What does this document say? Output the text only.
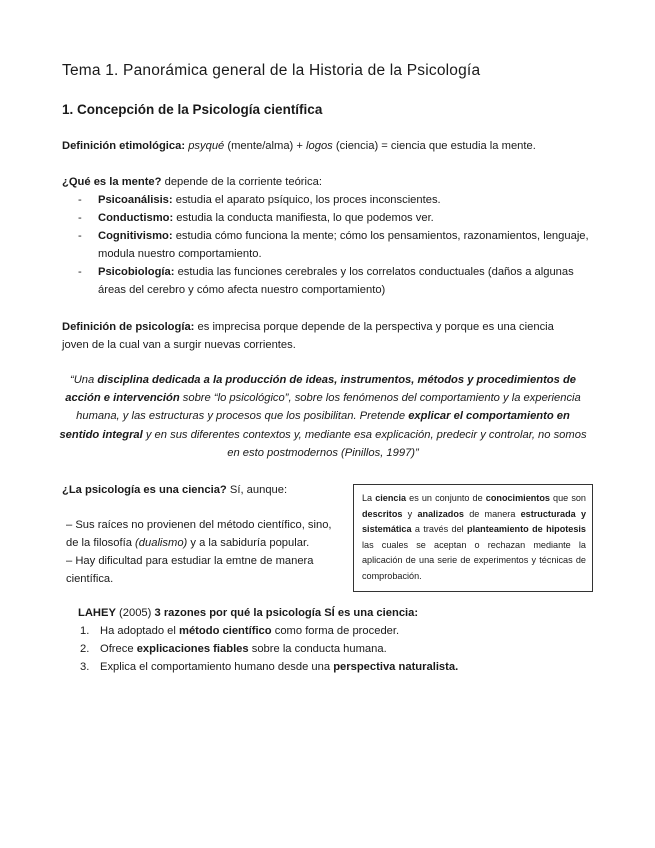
Tema 1. Panorámica general de la Historia de la Psicología
1. Concepción de la Psicología científica

Definición etimológica: psyqué (mente/alma) + logos (ciencia) = ciencia que estudia la mente.

¿Qué es la mente? depende de la corriente teórica:

- Psicoanálisis: estudia el aparato psíquico, los proces inconscientes.
- Conductismo: estudia la conducta manifiesta, lo que podemos ver.
- Cognitivismo: estudia cómo funciona la mente; cómo los pensamientos, razonamientos, lenguaje, modula nuestro comportamiento.
- Psicobiología: estudia las funciones cerebrales y los correlatos conductuales (daños a algunas áreas del cerebro y cómo afecta nuestro comportamiento)

Definición de psicología: es imprecisa porque depende de la perspectiva y porque es una ciencia

joven de la cual van a surgir nuevas corrientes.

“Una disciplina dedicada a la producción de ideas, instrumentos, métodos y procedimientos de acción e intervención sobre “lo psicológico”, sobre los fenómenos del comportamiento y la experiencia humana, y las estructuras y procesos que los posibilitan. Pretende explicar el comportamiento en sentido integral y en sus diferentes contextos y, mediante esa explicación, predecir y controlar, no somos en esto postmodernos (Pinillos, 1997)”

¿La psicología es una ciencia? Sí, aunque:

– Sus raíces no provienen del método científico, sino,

de la filosofía (dualismo) y a la sabiduría popular.

– Hay dificultad para estudiar la emtne de manera

científica.

La ciencia es un conjunto de conocimientos que son descritos y analizados de manera estructurada y sistemática a través del planteamiento de hipotesis las cuales se aceptan o rechazan mediante la aplicación de una serie de experimentos y técnicas de comprobación.

LAHEY (2005) 3 razones por qué la psicología SÍ es una ciencia:

1. Ha adoptado el método científico como forma de proceder.
2. Ofrece explicaciones fiables sobre la conducta humana.
3. Explica el comportamiento humano desde una perspectiva naturalista.
